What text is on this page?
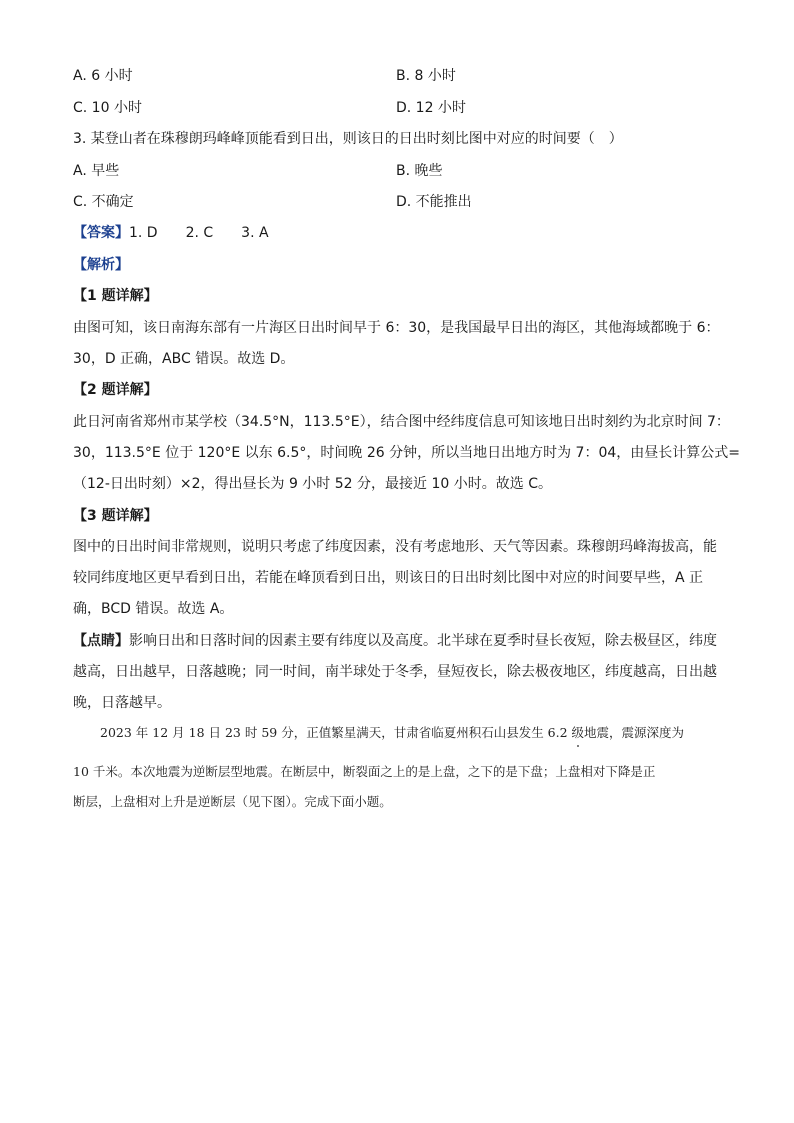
A. 6 小时	B. 8 小时
C. 10 小时	D. 12 小时
3. 某登山者在珠穆朗玛峰峰顶能看到日出，则该日的日出时刻比图中对应的时间要（　）
A. 早些	B. 晚些
C. 不确定	D. 不能推出
【答案】1. D　　2. C　　3. A
【解析】
【1 题详解】
由图可知，该日南海东部有一片海区日出时间早于 6：30，是我国最早日出的海区，其他海域都晚于 6：
30，D 正确，ABC 错误。故选 D。
【2 题详解】
此日河南省郑州市某学校（34.5°N，113.5°E），结合图中经纬度信息可知该地日出时刻约为北京时间 7：
30，113.5°E 位于 120°E 以东 6.5°，时间晚 26 分钟，所以当地日出地方时为 7：04，由昼长计算公式=
（12-日出时刻）×2，得出昼长为 9 小时 52 分，最接近 10 小时。故选 C。
【3 题详解】
图中的日出时间非常规则，说明只考虑了纬度因素，没有考虑地形、天气等因素。珠穆朗玛峰海拔高，能
较同纬度地区更早看到日出，若能在峰顶看到日出，则该日的日出时刻比图中对应的时间要早些，A 正
确，BCD 错误。故选 A。
【点睛】影响日出和日落时间的因素主要有纬度以及高度。北半球在夏季时昼长夜短，除去极昼区，纬度
越高，日出越早，日落越晚；同一时间，南半球处于冬季，昼短夜长，除去极夜地区，纬度越高，日出越
晚，日落越早。
2023 年 12 月 18 日 23 时 59 分，正值繁星满天，甘肃省临夏州积石山县发生 6.2 级地震，震源深度为
10 千米。本次地震为逆断层型地震。在断层中，断裂面之上的是上盘，之下的是下盘；上盘相对下降是正
断层，上盘相对上升是逆断层（见下图）。完成下面小题。
